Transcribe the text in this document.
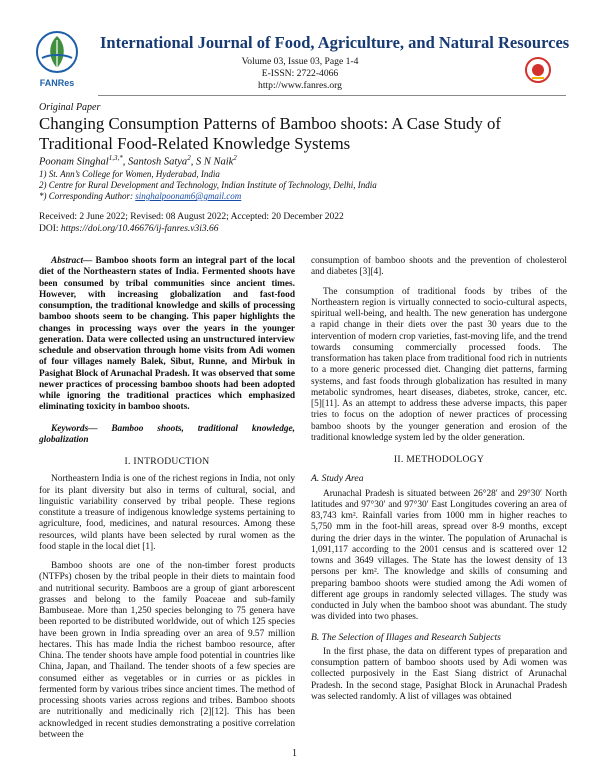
FANRes
International Journal of Food, Agriculture, and Natural Resources
Volume 03, Issue 03, Page 1-4
E-ISSN: 2722-4066
http://www.fanres.org
Original Paper
Changing Consumption Patterns of Bamboo shoots: A Case Study of Traditional Food-Related Knowledge Systems
Poonam Singhal$^{1,3,*}$, Santosh Satya$^2$, S N Naik$^2$
1) St. Ann’s College for Women, Hyderabad, India
2) Centre for Rural Development and Technology, Indian Institute of Technology, Delhi, India
*) Corresponding Author: singhalpoonam6@gmail.com
Received: 2 June 2022; Revised: 08 August 2022; Accepted: 20 December 2022
DOI: https://doi.org/10.46676/ij-fanres.v3i3.66

Abstract— Bamboo shoots form an integral part of the local diet of the Northeastern states of India. Fermented shoots have been consumed by tribal communities since ancient times. However, with increasing globalization and fast-food consumption, the traditional knowledge and skills of processing bamboo shoots seem to be changing. This paper highlights the changes in processing ways over the years in the younger generation. Data were collected using an unstructured interview schedule and observation through home visits from Adi women of four villages namely Balek, Sibut, Runne, and Mirbuk in Pasighat Block of Arunachal Pradesh. It was observed that some newer practices of processing bamboo shoots had been adopted while ignoring the traditional practices which emphasized eliminating toxicity in bamboo shoots.

Keywords— Bamboo shoots, traditional knowledge, globalization

I. INTRODUCTION

Northeastern India is one of the richest regions in India, not only for its plant diversity but also in terms of cultural, social, and linguistic variability conserved by tribal people. These regions constitute a treasure of indigenous knowledge systems pertaining to agriculture, food, medicines, and natural resources. Among these resources, wild plants have been selected by rural women as the food staple in the local diet [1].

Bamboo shoots are one of the non-timber forest products (NTFPs) chosen by the tribal people in their diets to maintain food and nutritional security. Bamboos are a group of giant arborescent grasses and belong to the family Poaceae and sub-family Bambuseae. More than 1,250 species belonging to 75 genera have been reported to be distributed worldwide, out of which 125 species have been grown in India spreading over an area of 9.57 million hectares. This has made India the richest bamboo resource, after China. The tender shoots have ample food potential in countries like China, Japan, and Thailand. The tender shoots of a few species are consumed either as vegetables or in curries or as pickles in fermented form by various tribes since ancient times. The method of processing shoots varies across regions and tribes. Bamboo shoots are nutritionally and medicinally rich [2][12]. This has been acknowledged in recent studies demonstrating a positive correlation between the

consumption of bamboo shoots and the prevention of cholesterol and diabetes [3][4].

The consumption of traditional foods by tribes of the Northeastern region is virtually connected to socio-cultural aspects, spiritual well-being, and health. The new generation has undergone a rapid change in their diets over the past 30 years due to the intervention of modern crop varieties, fast-moving life, and the trend towards consuming commercially processed foods. The transformation has taken place from traditional food rich in nutrients to a more generic processed diet. Changing diet patterns, farming systems, and fast foods through globalization has resulted in many metabolic syndromes, heart diseases, diabetes, stroke, cancer, etc. [5][11]. As an attempt to address these adverse impacts, this paper tries to focus on the adoption of newer practices of processing bamboo shoots by the younger generation and erosion of the traditional knowledge system led by the older generation.

II. METHODOLOGY
A. Study Area

Arunachal Pradesh is situated between 26°28′ and 29°30′ North latitudes and 97°30′ and 97°30′ East Longitudes covering an area of 83,743 km². Rainfall varies from 1000 mm in higher reaches to 5,750 mm in the foot-hill areas, spread over 8-9 months, except during the drier days in the winter. The population of Arunachal is 1,091,117 according to the 2001 census and is scattered over 12 towns and 3649 villages. The State has the lowest density of 13 persons per km². The knowledge and skills of consuming and preparing bamboo shoots were studied among the Adi women of different age groups in randomly selected villages. The study was conducted in July when the bamboo shoot was abundant. The study was divided into two phases.

B. The Selection of Illages and Research Subjects

In the first phase, the data on different types of preparation and consumption pattern of bamboo shoots used by Adi women was collected purposively in the East Siang district of Arunachal Pradesh. In the second stage, Pasighat Block in Arunachal Pradesh was selected randomly. A list of villages was obtained

1
